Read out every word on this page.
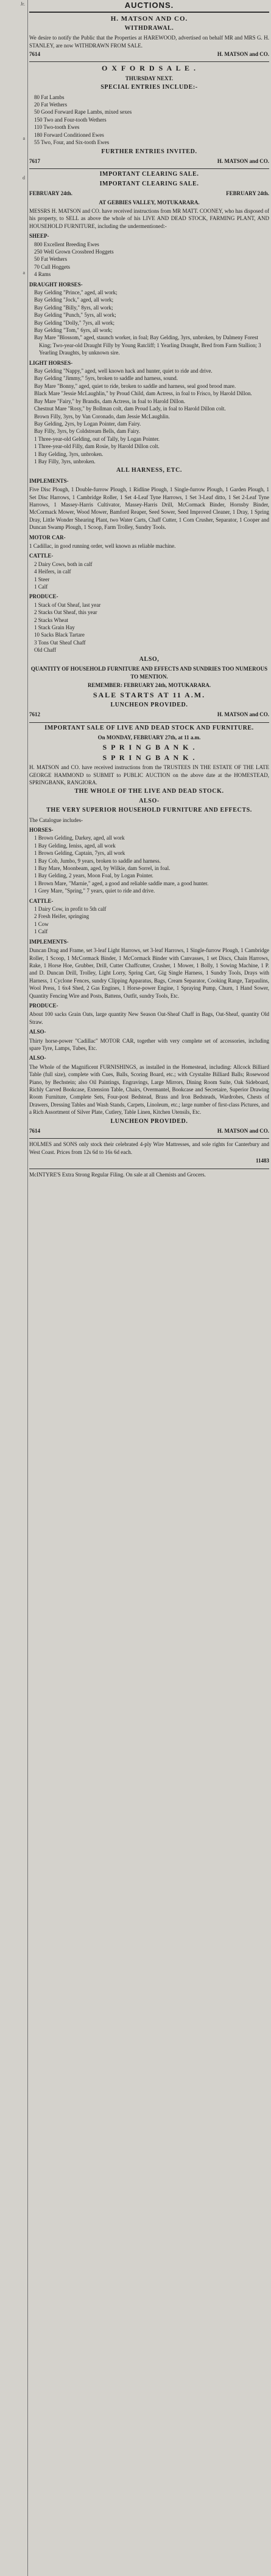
Jr.
a
d
a
AUCTIONS.
H. MATSON AND CO.
WITHDRAWAL.
We desire to notify the Public that the Properties at HAREWOOD, advertised on behalf MR and MRS G. H. STANLEY, are now WITHDRAWN FROM SALE.
7614	H. MATSON and CO.
O X F O R D S A L E .
THURSDAY NEXT.
SPECIAL ENTRIES INCLUDE:-
80 Fat Lambs
20 Fat Wethers
50 Good Forward Rape Lambs, mixed sexes
150 Two and Four-tooth Wethers
110 Two-tooth Ewes
180 Forward Conditioned Ewes
55 Two, Four, and Six-tooth Ewes
FURTHER ENTRIES INVITED.
7617	H. MATSON and CO.
IMPORTANT CLEARING SALE.
IMPORTANT CLEARING SALE.
FEBRUARY 24th.	FEBRUARY 24th.
AT GEBBIES VALLEY, MOTUKARARA.
MESSRS H. MATSON and CO. have received instructions from MR MATT. COONEY, who has disposed of his property, to SELL as above the whole of his LIVE AND DEAD STOCK, FARMING PLANT, AND HOUSEHOLD FURNITURE, including the undermentioned:-
SHEEP-
800 Excellent Breeding Ewes
250 Well Grown Crossbred Hoggets
50 Fat Wethers
70 Cull Hoggets
4 Rams
DRAUGHT HORSES-
Bay Gelding "Prince," aged, all work;
Bay Gelding "Jock," aged, all work;
Bay Gelding "Billy," 8yrs, all work;
Bay Gelding "Punch," 5yrs, all work;
Bay Gelding "Dolly," 7yrs, all work;
Bay Gelding "Tom," 6yrs, all work;
Bay Mare "Blossom," aged, staunch worker, in foal; Bay Gelding, 3yrs, unbroken, by Dalmeny Forest King; Two-year-old Draught Filly by Young Ratcliff; 1 Yearling Draught, Bred from Farm Stallion; 3 Yearling Draughts, by unknown sire.
LIGHT HORSES-
Bay Gelding "Nappy," aged, well known hack and hunter, quiet to ride and drive.
Bay Gelding "Jimmy," 5yrs, broken to saddle and harness, sound.
Bay Mare "Bonny," aged, quiet to ride, broken to saddle and harness, seal good brood mare.
Black Mare "Jessie McLaughlin," by Proud Child, dam Actress, in foal to Frisco, by Harold Dillon.
Bay Mare "Fairy," by Brandis, dam Actress, in foal to Harold Dillon.
Chestnut Mare "Rosy," by Bollman colt, dam Proud Lady, in foal to Harold Dillon colt.
Brown Filly, 3yrs, by Van Coronado, dam Jessie McLaughlin.
Bay Gelding, 2yrs, by Logan Pointer, dam Fairy.
Bay Filly, 3yrs, by Coldstream Bells, dam Fairy.
1 Three-year-old Gelding, out of Tally, by Logan Pointer.
1 Three-year-old Filly, dam Rosie, by Harold Dillon colt.
1 Bay Gelding, 3yrs, unbroken.
1 Bay Filly, 3yrs, unbroken.
ALL HARNESS, ETC.
IMPLEMENTS-
Five Disc Plough, 1 Double-furrow Plough, 1 Ridline Plough, 1 Single-furrow Plough, 1 Garden Plough, 1 Set Disc Harrows, 1 Cambridge Roller, 1 Set 4-Leaf Tyne Harrows, 1 Set 3-Leaf ditto, 1 Set 2-Leaf Tyne Harrows, 1 Massey-Harris Cultivator, Massey-Harris Drill, McCormack Binder, Hornsby Binder, McCormack Mower, Wood Mower, Bamford Reaper, Seed Sower, Seed Improved Cleaner, 1 Dray, 1 Spring Dray, Little Wonder Shearing Plant, two Water Carts, Chaff Cutter, 1 Corn Crusher, Separator, 1 Cooper and Duncan Swamp Plough, 1 Scoop, Farm Trolley, Sundry Tools.
MOTOR CAR-
1 Cadillac, in good running order, well known as reliable machine.
CATTLE-
2 Dairy Cows, both in calf
4 Heifers, in calf
1 Steer
1 Calf
PRODUCE-
1 Stack of Oat Sheaf, last year
2 Stacks Oat Sheaf, this year
2 Stacks Wheat
1 Stack Grain Hay
10 Sacks Black Tartare
3 Tons Oat Sheaf Chaff
Old Chaff
ALSO,
QUANTITY OF HOUSEHOLD FURNITURE AND EFFECTS AND SUNDRIES TOO NUMEROUS TO MENTION.
REMEMBER: FEBRUARY 24th, MOTUKARARA.
SALE STARTS AT 11 A.M.
LUNCHEON PROVIDED.
7612	H. MATSON and CO.
IMPORTANT SALE OF LIVE AND DEAD STOCK AND FURNITURE.
On MONDAY, FEBRUARY 27th, at 11 a.m.
S P R I N G B A N K .
S P R I N G B A N K .
H. MATSON and CO. have received instructions from the TRUSTEES IN THE ESTATE OF THE LATE GEORGE HAMMOND to SUBMIT to PUBLIC AUCTION on the above date at the HOMESTEAD, SPRINGBANK, RANGIORA.
THE WHOLE OF THE LIVE AND DEAD STOCK.
ALSO-
THE VERY SUPERIOR HOUSEHOLD FURNITURE AND EFFECTS.
The Catalogue includes-
HORSES-
1 Brown Gelding, Darkey, aged, all work
1 Bay Gelding, Ieniss, aged, all work
1 Brown Gelding, Captain, 7yrs, all work
1 Bay Cob, Jumbo, 9 years, broken to saddle and harness.
1 Bay Mare, Moonbeam, aged, by Wilkie, dam Sorrel, in foal.
1 Bay Gelding, 2 years, Moon Foal, by Logan Pointer.
1 Brown Mare, "Marnie," aged, a good and reliable saddle mare, a good hunter.
1 Grey Mare, "Spring," 7 years, quiet to ride and drive.
CATTLE-
1 Dairy Cow, in profit to 5th calf
2 Fresh Heifer, springing
1 Cow
1 Calf
IMPLEMENTS-
Duncan Drag and Frame, set 3-leaf Light Harrows, set 3-leaf Harrows, 1 Single-furrow Plough, 1 Cambridge Roller, 1 Scoop, 1 McCormack Binder, 1 McCormack Binder with Canvasses, 1 set Discs, Chain Harrows, Rake, 1 Horse Hoe, Grubber, Drill, Cutter Chaffcutter, Crusher, 1 Mower, 1 Bolly, 1 Sowing Machine, 1 P. and D. Duncan Drill, Trolley, Light Lorry, Spring Cart, Gig Single Harness, 1 Sundry Tools, Drays with Harness, 1 Cyclone Fences, sundry Clipping Apparatus, Bags, Cream Separator, Cooking Range, Tarpaulins, Wool Press, 1 6x4 Shed, 2 Gas Engines, 1 Horse-power Engine, 1 Spraying Pump, Churn, 1 Hand Sower, Quantity Fencing Wire and Posts, Battens, Outfit, sundry Tools, Etc.
PRODUCE-
About 100 sacks Grain Oats, large quantity New Season Oat-Sheaf Chaff in Bags, Oat-Sheaf, quantity Old Straw.
ALSO-
Thirty horse-power "Cadillac" MOTOR CAR, together with very complete set of accessories, including spare Tyre, Lamps, Tubes, Etc.
ALSO-
The Whole of the Magnificent FURNISHINGS, as installed in the Homestead, including: Allcock Billiard Table (full size), complete with Cues, Balls, Scoring Board, etc.; with Crystalite Billiard Balls; Rosewood Piano, by Bechstein; also Oil Paintings, Engravings, Large Mirrors, Dining Room Suite, Oak Sideboard, Richly Carved Bookcase, Extension Table, Chairs, Overmantel, Bookcase and Secretaire, Superior Drawing Room Furniture, Complete Sets, Four-post Bedstead, Brass and Iron Bedsteads, Wardrobes, Chests of Drawers, Dressing Tables and Wash Stands, Carpets, Linoleum, etc.; large number of first-class Pictures, and a Rich Assortment of Silver Plate, Cutlery, Table Linen, Kitchen Utensils, Etc.
LUNCHEON PROVIDED.
7614	H. MATSON and CO.
HOLMES and SONS only stock their celebrated 4-ply Wire Mattresses, and sole rights for Canterbury and West Coast. Prices from 12s 6d to 16s 6d each.
11483
McINTYRE'S Extra Strong Regular Filing. On sale at all Chemists and Grocers.
